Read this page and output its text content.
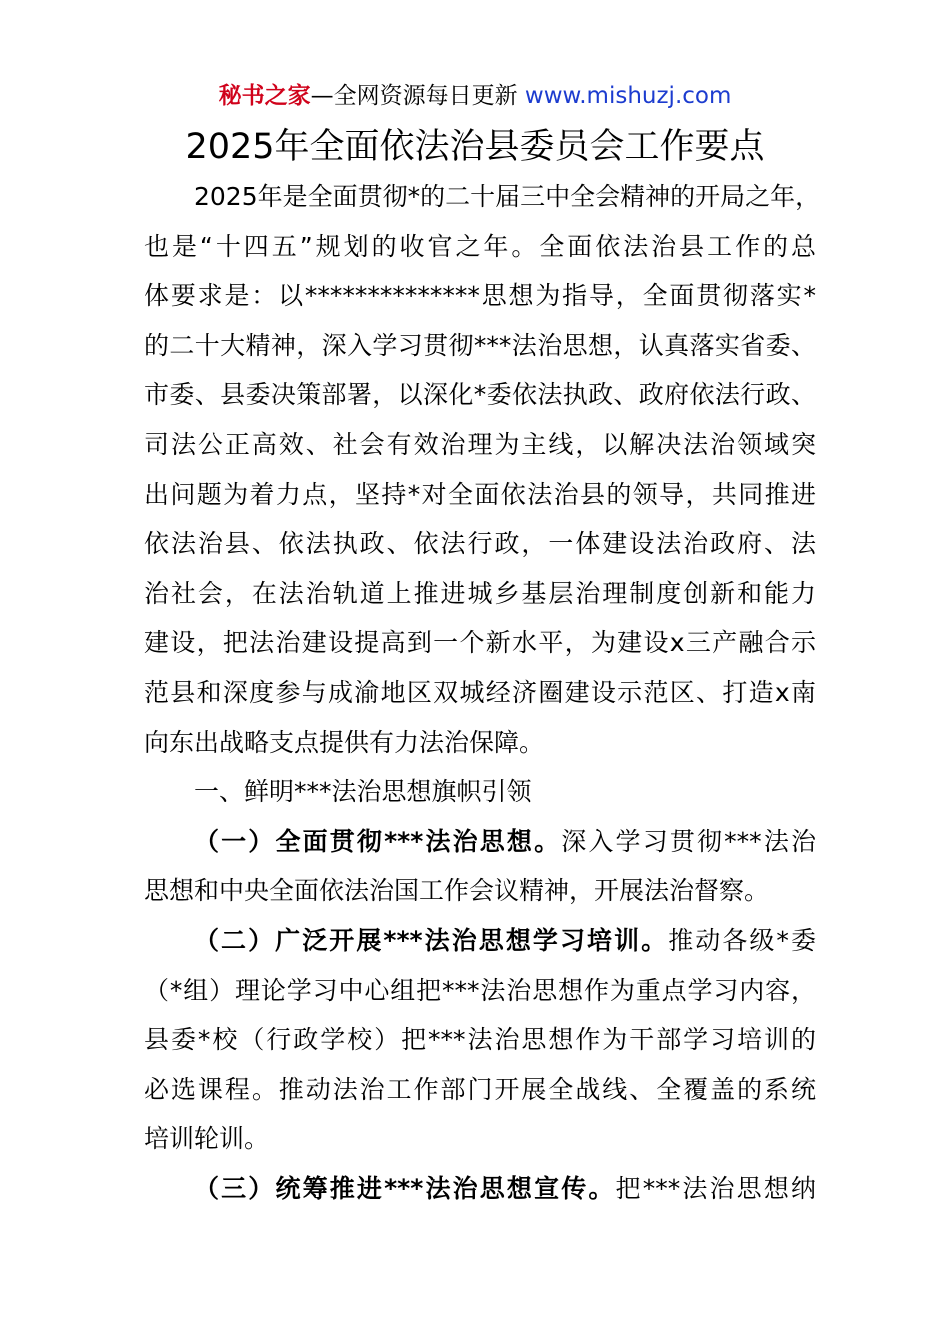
秘书之家—全网资源每日更新 www.mishuzj.com
2025年全面依法治县委员会工作要点
2025年是全面贯彻*的二十届三中全会精神的开局之年，
也是“十四五”规划的收官之年。全面依法治县工作的总
体要求是：以**************思想为指导，全面贯彻落实*
的二十大精神，深入学习贯彻***法治思想，认真落实省委、
市委、县委决策部署，以深化*委依法执政、政府依法行政、
司法公正高效、社会有效治理为主线，以解决法治领域突
出问题为着力点，坚持*对全面依法治县的领导，共同推进
依法治县、依法执政、依法行政，一体建设法治政府、法
治社会，在法治轨道上推进城乡基层治理制度创新和能力
建设，把法治建设提高到一个新水平，为建设x三产融合示
范县和深度参与成渝地区双城经济圈建设示范区、打造x南
向东出战略支点提供有力法治保障。
一、鲜明***法治思想旗帜引领
（一）全面贯彻***法治思想。深入学习贯彻***法治
思想和中央全面依法治国工作会议精神，开展法治督察。
（二）广泛开展***法治思想学习培训。推动各级*委
（*组）理论学习中心组把***法治思想作为重点学习内容，
县委*校（行政学校）把***法治思想作为干部学习培训的
必选课程。推动法治工作部门开展全战线、全覆盖的系统
培训轮训。
（三）统筹推进***法治思想宣传。把***法治思想纳
